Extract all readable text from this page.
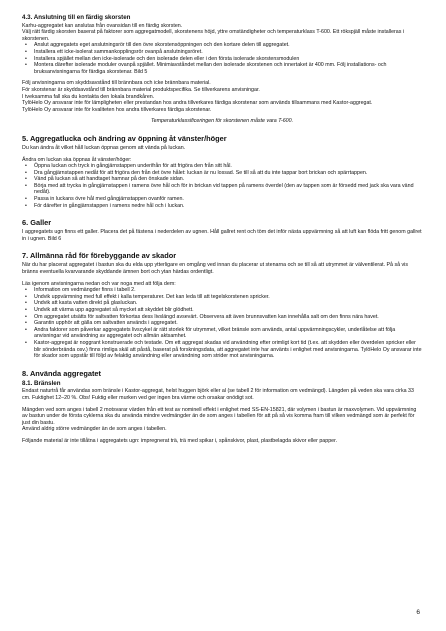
4.3. Anslutning till en färdig skorsten

Karhu-aggregatet kan anslutas från ovansidan till en färdig skorsten.

Välj rätt färdig skorsten baserat på faktorer som aggregatmodell, skorstenens höjd, yttre omständigheter och temperaturklass T-600. Ett rökspjäll måste installeras i skorstenen.

• Anslut aggregatets eget anslutningsrör till den övre skorstensöppningen och den kortare delen till aggregatet.
• Installera ett icke-isolerat sammankopplingsrör ovanpå anslutningsröret.
• Installera spjället mellan den icke-isolerade och den isolerade delen eller i den första isolerade skorstensmodulen
• Montera därefter isolerade moduler ovanpå spjället. Minimiavståndet mellan den isolerade skorstenen och innertaket är 400 mm. Följ installations- och bruksanvisningarna för färdiga skorstenar. Bild 5

Följ anvisningarna om skyddsavstånd till brännbara och icke brännbara material.

För skorstenar är skyddsavstånd till brännbara material produktspecifika. Se tillverkarens anvisningar.

I tveksamma fall ska du kontakta den lokala brandkåren.

TylöHelo Oy ansvarar inte för lämpligheten eller prestandan hos andra tillverkares färdiga skorstenar som används tillsammans med Kastor-aggregat.

TylöHelo Oy ansvarar inte för kvaliteten hos andra tillverkares färdiga skorstenar.

Temperaturklassificeringen för skorstenen måste vara T-600.

5. Aggregatlucka och ändring av öppning åt vänster/höger

Du kan ändra åt vilket håll luckan öppnas genom att vända på luckan.

Ändra om luckan ska öppnas åt vänster/höger:

• Öppna luckan och tryck in gångjärnstappen underifrån för att frigöra den från sitt hål.
• Dra gångjärnstappen nedåt för att frigöra den från det övre hålet: luckan är nu lossad. Se till så att du inte tappar bort brickan och spärrtappen.
• Vänd på luckan så att handtaget hamnar på den önskade sidan.
• Börja med att trycka in gångjärnstappen i ramens övre hål och för in brickan vid tappen på ramens överdel (den av tappen som är försedd med jack ska vara vänd nedåt).
• Passa in luckans övre hål med gångjärnstappen ovanför ramen.
• För därefter in gångjärnstappen i ramens nedre hål och i luckan.
6. Galler

I aggregatets ugn finns ett galler. Placera det på fästena i nederdelen av ugnen. Håll gallret rent och töm det inför nästa uppvärmning så att luft kan flöda fritt genom gallret in i ugnen. Bild 6

7. Allmänna råd för förebyggande av skador

När du har placerat aggregatet i bastun ska du elda upp ytterligare en omgång ved innan du placerar ut stenarna och se till så att utrymmet är välventilerat. På så vis bränns eventuella kvarvarande skyddande ämnen bort och ytan härdas ordentligt.

Läs igenom anvisningarna nedan och var noga med att följa dem:

• Information om vedmängder finns i tabell 2.
• Undvik uppvärmning med full effekt i kalla temperaturer. Det kan leda till att tegelskorstenen spricker.
• Undvik att kasta vatten direkt på glasluckan.
• Undvik att värma upp aggregatet så mycket att skyddet blir glödhett.
• Om aggregatet utsätts för saltvatten förkortas dess livslängd avsevärt. Observera att även brunnsvatten kan innehålla salt om den finns nära havet.
• Garantin upphör att gälla om saltvatten används i aggregatet.
• Andra faktorer som påverkar aggregatets livscykel är rätt storlek för utrymmet, vilket bränsle som används, antal uppvärmningscykler, underlåtelse att följa anvisningar vid användning av aggregatet och allmän aktsamhet.
• Kastor-aggregat är noggrant konstruerade och testade. Om ett aggregat skadas vid användning efter orimligt kort tid (t.ex. att skydden eller överdelen spricker eller blir sönderbrända osv.) finns rimliga skäl att påstå, baserat på forskningsdata, att aggregatet inte har använts i enlighet med anvisningarna. TylöHelo Oy ansvarar inte för skador som uppstår till följd av felaktig användning eller användning som strider mot anvisningarna.
8. Använda aggregatet
8.1. Bränslen

Endast naturtrå får användas som bränsle i Kastor-aggregat, helst huggen björk eller al (se tabell 2 för information om vedmängd). Längden på veden ska vara cirka 33 cm. Fuktighet 12–20 %. Obs! Fuktig eller murken ved ger ingen bra värme och orsakar onödigt sot.

Mängden ved som anges i tabell 2 motsvarar värden från ett test av nominell effekt i enlighet med SS-EN-15821, där volymen i bastun är maxvolymen. Vid uppvärmning av bastun under de första cyklerna ska du använda mindre vedmängder än de som anges i tabellen för att på så vis komma fram till vilken vedmängd som är perfekt för just din bastu.

Använd aldrig större vedmängder än de som anges i tabellen.

Följande material är inte tillåtna i aggregatets ugn: impregnerat trä, trä med spikar i, spånskivor, plast, plastbelagda skivor eller papper.

6
